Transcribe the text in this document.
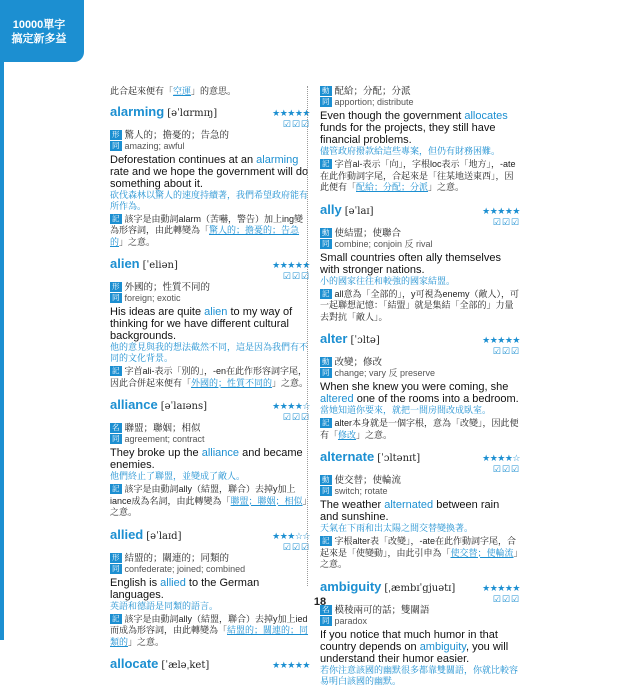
10000單字
搞定新多益
此合起來便有「空運」的意思。
alarming [əˈlɑrmɪŋ]	★★★★★
☑☑☑
形 驚人的；擔憂的；告急的
同 amazing; awful
Deforestation continues at an alarming rate and we hope the government will do something about it.
砍伐森林以驚人的速度持續著，我們希望政府能有所作為。
記 該字是由動詞alarm（苦嚇，警告）加上ing變為形容詞，由此轉變為「驚人的；擔憂的；告急的」之意。
alien [ˈeliən]	★★★★★
☑☑☑
形 外國的；性質不同的
同 foreign; exotic
His ideas are quite alien to my way of thinking for we have different cultural backgrounds.
他的意見與我的想法截然不同，這是因為我們有不同的文化背景。
記 字首ali-表示「別的」，-en在此作形容詞字尾，因此合併起來便有「外國的；性質不同的」之意。
alliance [əˈlaɪəns]	★★★★☆
☑☑☑
名 聯盟；聯姻；相似
同 agreement; contract
They broke up the alliance and became enemies.
他們終止了聯盟，並變成了敵人。
記 該字是由動詞ally（結盟，聯合）去掉y加上iance成為名詞，由此轉變為「聯盟；聯姻；相似」之意。
allied [əˈlaɪd]	★★★☆☆
☑☑☑
形 結盟的；關連的；同類的
同 confederate; joined; combined
English is allied to the German languages.
英語和德語是同類的語言。
記 該字是由動詞ally（結盟，聯合）去掉y加上ied而成為形容詞，由此轉變為「結盟的；關連的；同類的」之意。
allocate [ˈæləˌket]	★★★★★
動 配給；分配；分派
同 apportion; distribute
Even though the government allocates funds for the projects, they still have financial problems.
儘管政府撥款給這些專案，但仍有財務困難。
記 字首al-表示「向」，字根loc表示「地方」，-ate在此作動詞字尾，合起來是「往某地送東西」，因此便有「配給；分配；分派」之意。
ally [əˈlaɪ]	★★★★★
☑☑☑
動 使結盟；使聯合
同 combine; conjoin 反 rival
Small countries often ally themselves with stronger nations.
小的國家往往和較強的國家結盟。
記 all意為「全部的」，y可視為enemy（敵人），可一起聯想記憶：「結盟」就是集結「全部的」力量去對抗「敵人」。
alter [ˈɔltə]	★★★★★
☑☑☑
動 改變；修改
同 change; vary 反 preserve
When she knew you were coming, she altered one of the rooms into a bedroom.
當她知道你要來，就把一間房間改成臥室。
記 alter本身就是一個字根，意為「改變」，因此便有「修改」之意。
alternate [ˈɔltənɪt]	★★★★☆
☑☑☑
動 使交替；使輪流
同 switch; rotate
The weather alternated between rain and sunshine.
天氣在下雨和出太陽之間交替變換著。
記 字根alter表「改變」，-ate在此作動詞字尾，合起來是「使變動」，由此引申為「使交替；使輪流」之意。
ambiguity [ˌæmbɪˈgjuətɪ]	★★★★★
☑☑☑
名 模稜兩可的話；雙關語
同 paradox
If you notice that much humor in that country depends on ambiguity, you will understand their humor easier.
若你注意該國的幽默很多都靠雙關語，你就比較容易明白該國的幽默。
18
